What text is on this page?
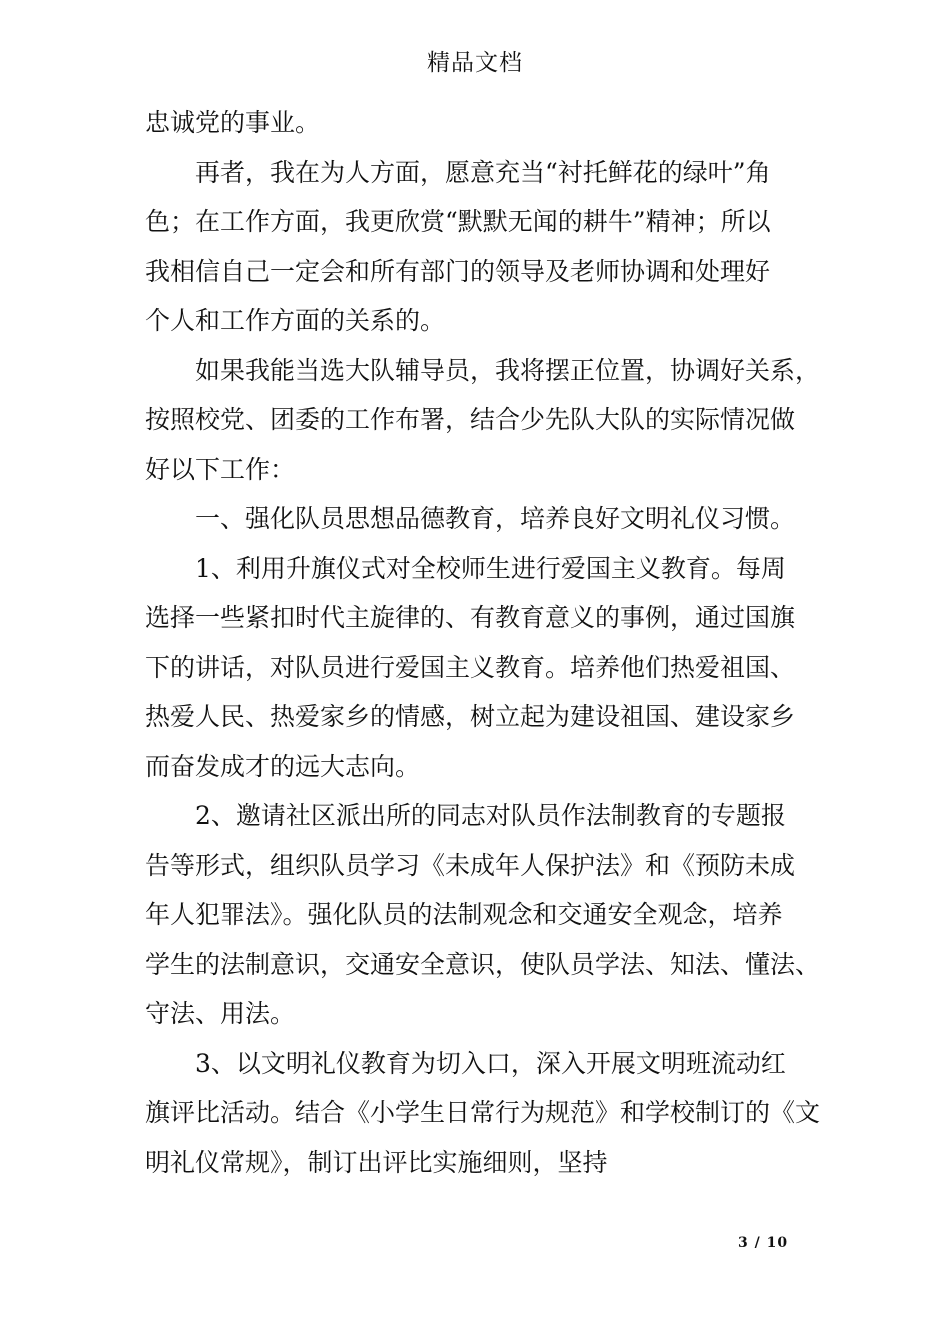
精品文档
忠诚党的事业。
再者，我在为人方面，愿意充当“衬托鲜花的绿叶”角
色；在工作方面，我更欣赏“默默无闻的耕牛”精神；所以
我相信自己一定会和所有部门的领导及老师协调和处理好
个人和工作方面的关系的。
如果我能当选大队辅导员，我将摆正位置，协调好关系，
按照校党、团委的工作布署，结合少先队大队的实际情况做
好以下工作：
一、强化队员思想品德教育，培养良好文明礼仪习惯。
1、利用升旗仪式对全校师生进行爱国主义教育。每周
选择一些紧扣时代主旋律的、有教育意义的事例，通过国旗
下的讲话，对队员进行爱国主义教育。培养他们热爱祖国、
热爱人民、热爱家乡的情感，树立起为建设祖国、建设家乡
而奋发成才的远大志向。
2、邀请社区派出所的同志对队员作法制教育的专题报
告等形式，组织队员学习《未成年人保护法》和《预防未成
年人犯罪法》。强化队员的法制观念和交通安全观念，培养
学生的法制意识，交通安全意识，使队员学法、知法、懂法、
守法、用法。
3、以文明礼仪教育为切入口，深入开展文明班流动红
旗评比活动。结合《小学生日常行为规范》和学校制订的《文
明礼仪常规》，制订出评比实施细则，坚持
3 / 10
